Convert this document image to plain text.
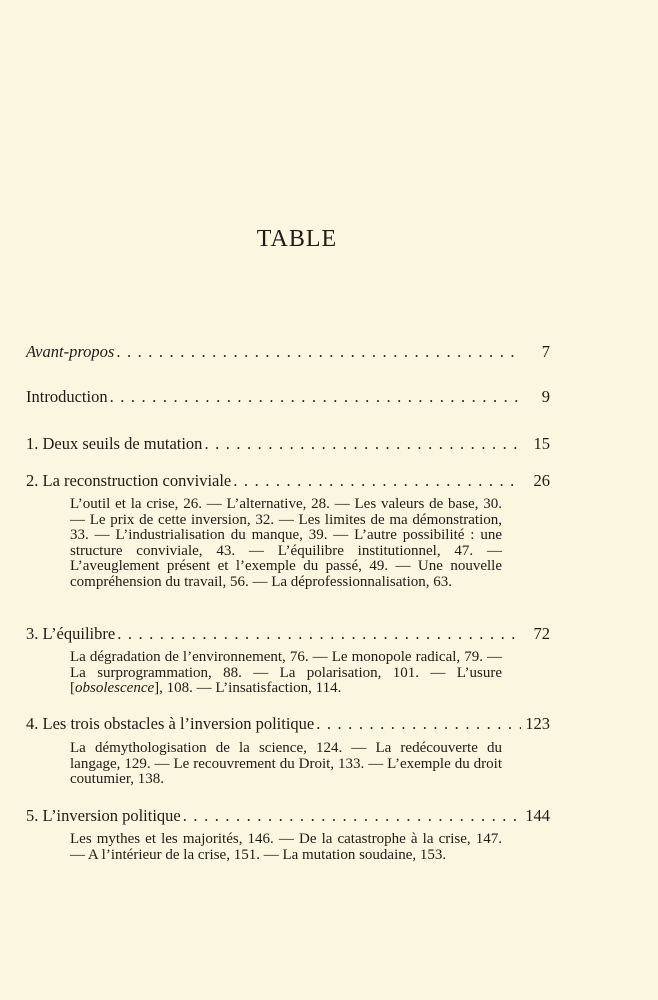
TABLE
Avant-propos . . .	7
Introduction . . .	9
1. Deux seuils de mutation . . .	15
2. La reconstruction conviviale . . .	26
L’outil et la crise, 26. — L’alternative, 28. — Les valeurs de base, 30. — Le prix de cette inversion, 32. — Les limites de ma démonstration, 33. — L’industrialisation du manque, 39. — L’autre possibilité : une structure conviviale, 43. — L’équilibre institutionnel, 47. — L’aveuglement présent et l’exemple du passé, 49. — Une nouvelle compréhension du travail, 56. — La déprofessionnalisation, 63.
3. L’équilibre . . .	72
La dégradation de l’environnement, 76. — Le monopole radical, 79. — La surprogrammation, 88. — La polarisation, 101. — L’usure [obsolescence], 108. — L’insatisfaction, 114.
4. Les trois obstacles à l’inversion politique . . .	123
La démythologisation de la science, 124. — La redécouverte du langage, 129. — Le recouvrement du Droit, 133. — L’exemple du droit coutumier, 138.
5. L’inversion politique . . .	144
Les mythes et les majorités, 146. — De la catastrophe à la crise, 147. — A l’intérieur de la crise, 151. — La mutation soudaine, 153.
